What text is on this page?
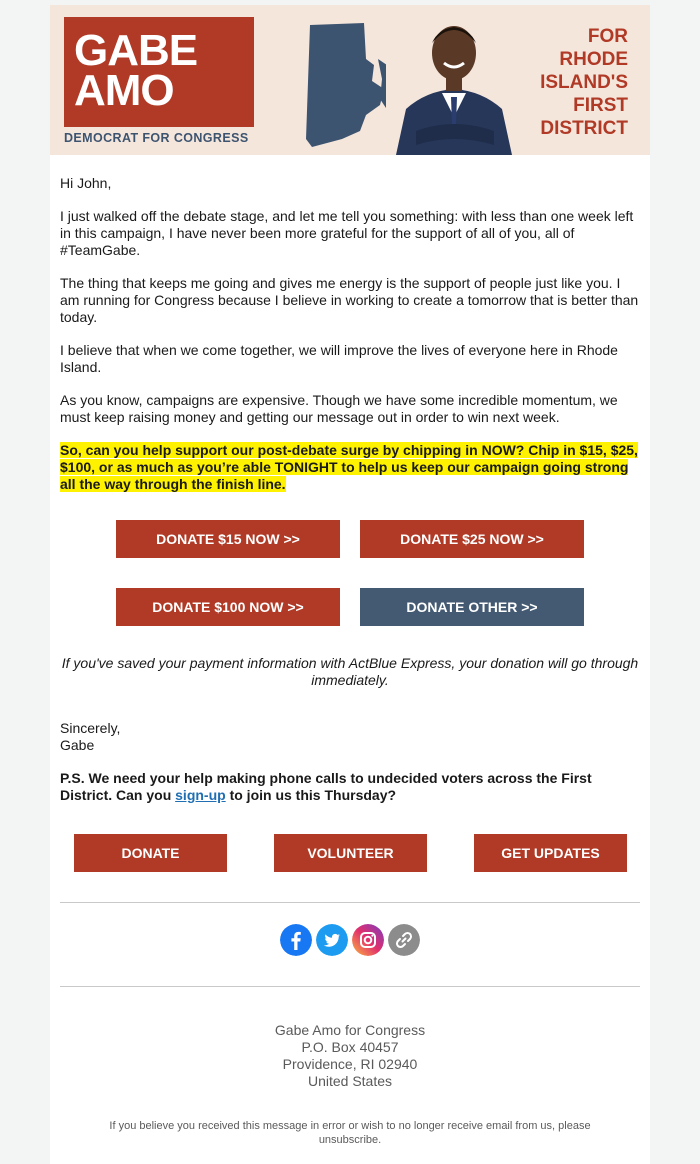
GABE
AMO
DEMOCRAT FOR CONGRESS
FOR
RHODE
ISLAND'S
FIRST
DISTRICT

Hi John,

I just walked off the debate stage, and let me tell you something: with less than one week left in this campaign, I have never been more grateful for the support of all of you, all of #TeamGabe.

The thing that keeps me going and gives me energy is the support of people just like you. I am running for Congress because I believe in working to create a tomorrow that is better than today.

I believe that when we come together, we will improve the lives of everyone here in Rhode Island.

As you know, campaigns are expensive. Though we have some incredible momentum, we must keep raising money and getting our message out in order to win next week.

So, can you help support our post-debate surge by chipping in NOW? Chip in $15, $25, $100, or as much as you’re able TONIGHT to help us keep our campaign going strong all the way through the finish line.

DONATE $15 NOW >>	DONATE $25 NOW >>
DONATE $100 NOW >>	DONATE OTHER >>
If you've saved your payment information with ActBlue Express, your donation will go through immediately.
Sincerely,
Gabe
P.S. We need your help making phone calls to undecided voters across the First District. Can you sign-up to join us this Thursday?
DONATE	VOLUNTEER	GET UPDATES
Gabe Amo for Congress
P.O. Box 40457
Providence, RI 02940
United States
If you believe you received this message in error or wish to no longer receive email from us, please unsubscribe.
